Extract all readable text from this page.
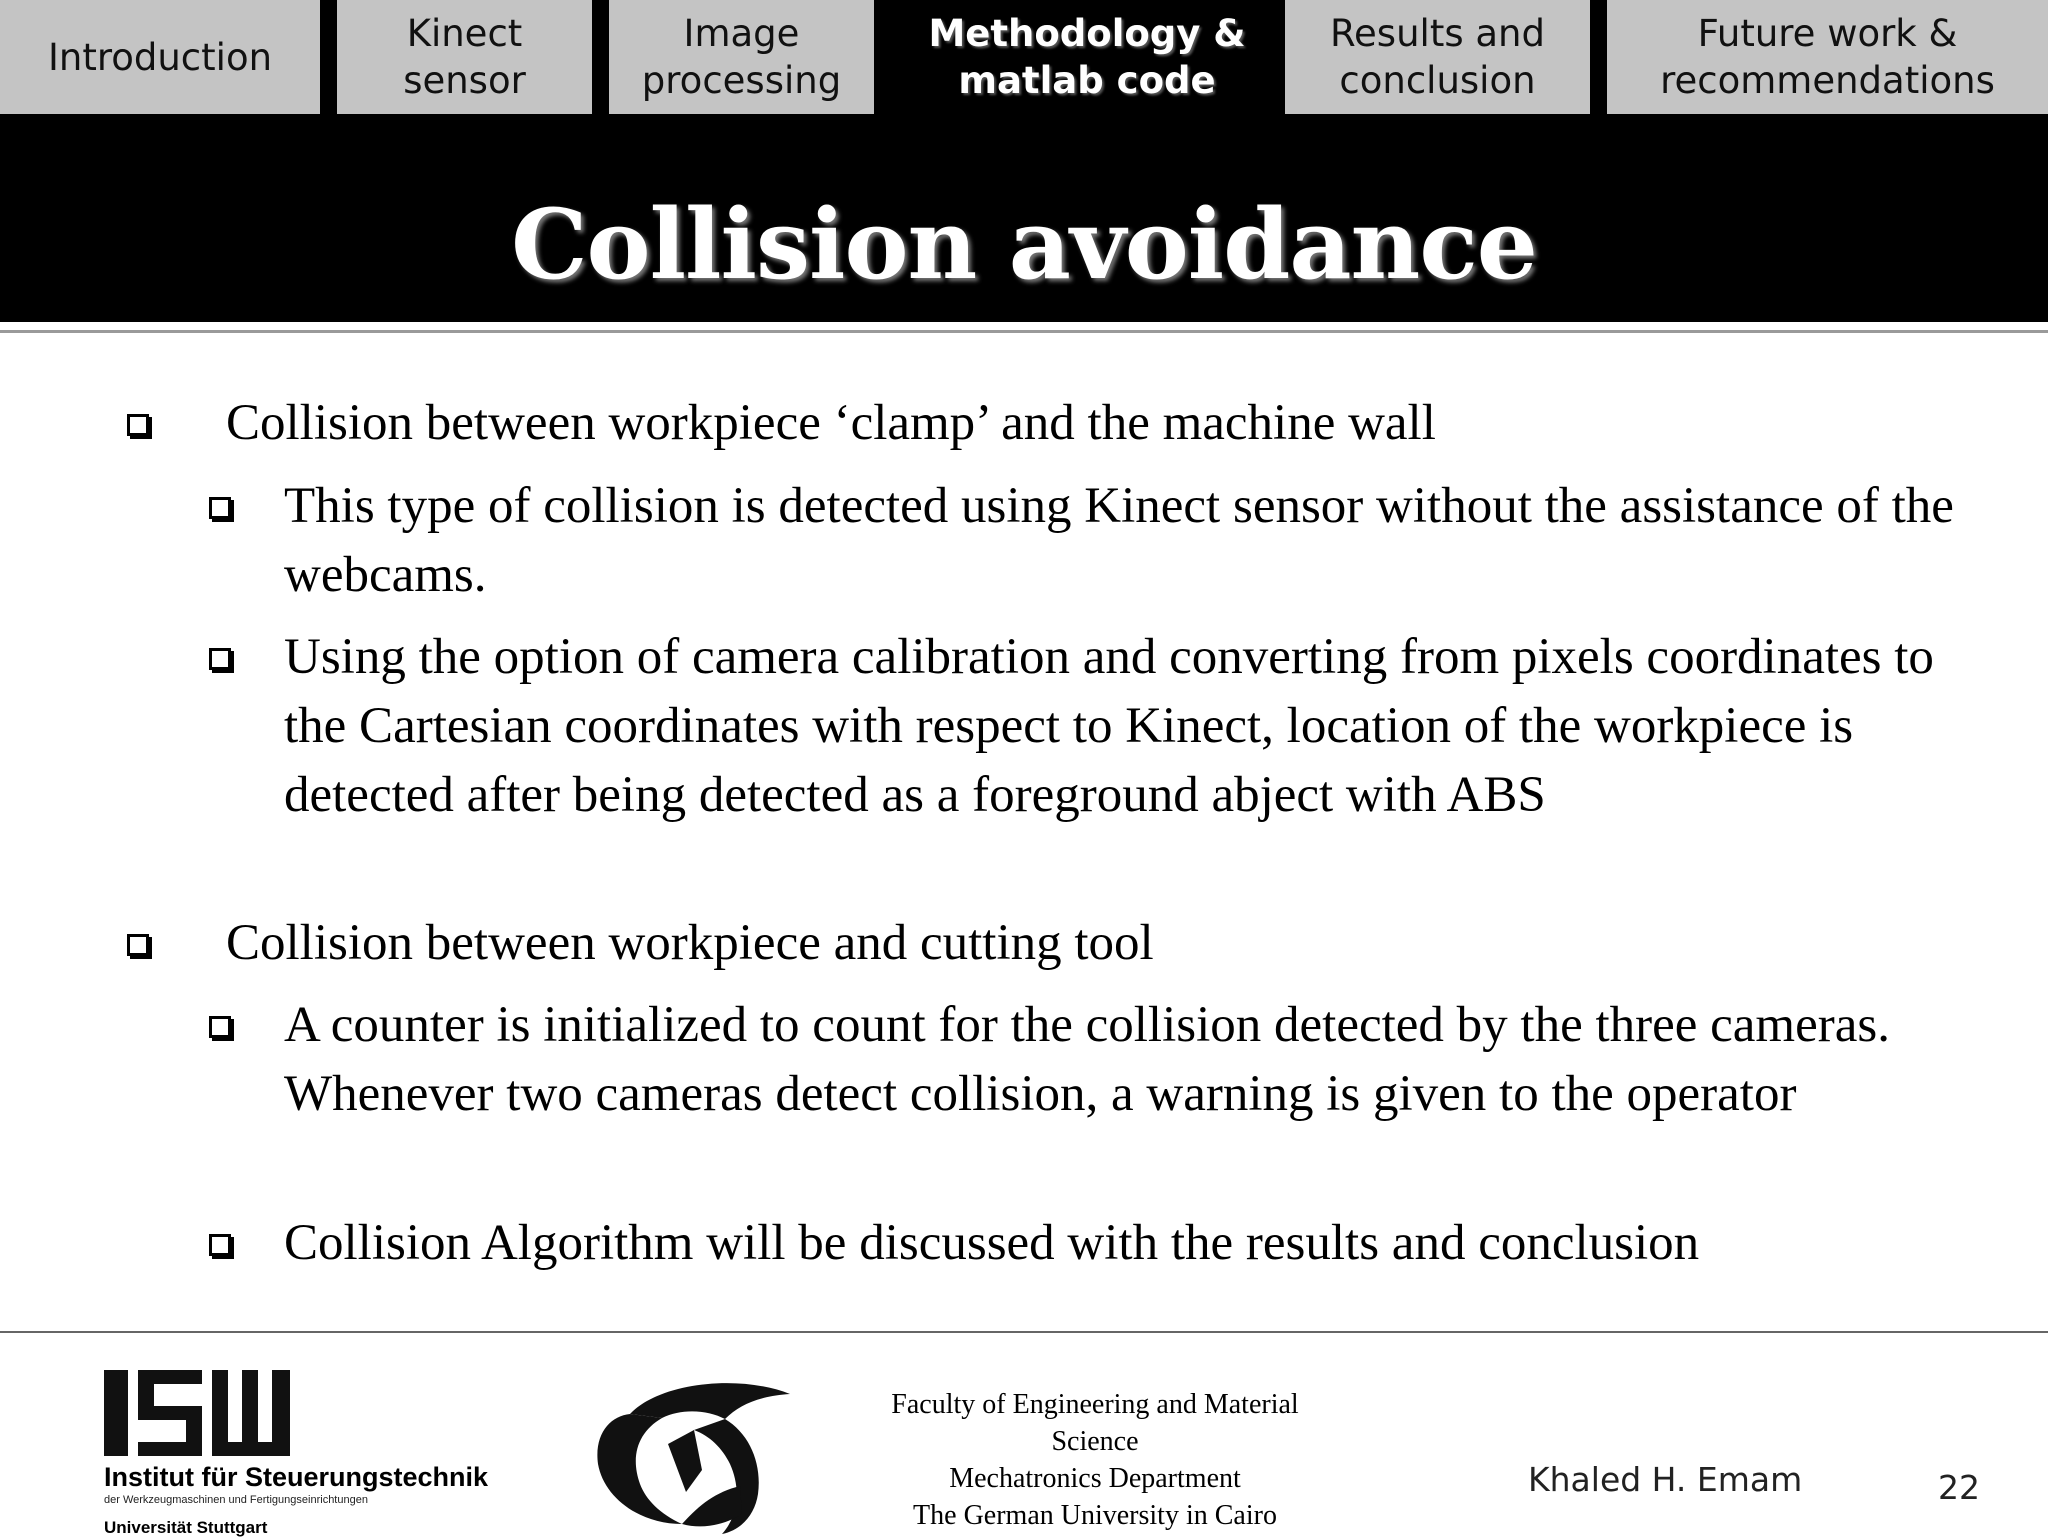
Introduction
Kinect
sensor
Image
processing
Methodology &
matlab code
Results and
conclusion
Future work &
recommendations
Collision avoidance
Collision between workpiece ‘clamp’ and the machine wall
This type of collision is detected using Kinect sensor without the assistance of the webcams.
Using the option of camera calibration and converting from pixels coordinates to the Cartesian coordinates with respect to Kinect, location of the workpiece is detected after being detected as a foreground abject with ABS
Collision between workpiece and cutting tool
A counter is initialized to count for the collision detected by the three cameras. Whenever two cameras detect collision, a warning is given to the operator
Collision Algorithm will be discussed with the results and conclusion
Institut für Steuerungstechnik
der Werkzeugmaschinen und Fertigungseinrichtungen
Universität Stuttgart
Faculty of Engineering and Material
Science
Mechatronics Department
The German University in Cairo
Khaled H. Emam	22
